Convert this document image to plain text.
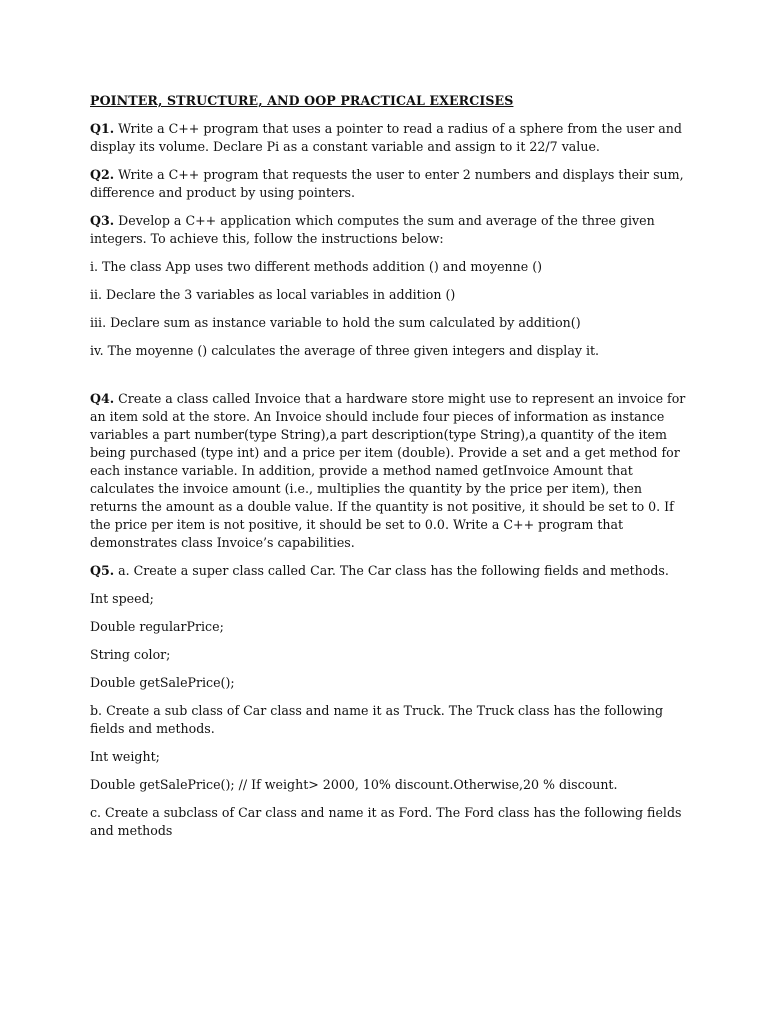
POINTER, STRUCTURE, AND OOP PRACTICAL EXERCISES

Q1. Write a C++ program that uses a pointer to read a radius of a sphere from the user and display its volume. Declare Pi as a constant variable and assign to it 22/7 value.

Q2. Write a C++ program that requests the user to enter 2 numbers and displays their sum, difference and product by using pointers.

Q3. Develop a C++ application which computes the sum and average of the three given integers. To achieve this, follow the instructions below:

i. The class App uses two different methods addition () and moyenne ()

ii. Declare the 3 variables as local variables in addition ()

iii. Declare sum as instance variable to hold the sum calculated by addition()

iv. The moyenne () calculates the average of three given integers and display it.

Q4. Create a class called Invoice that a hardware store might use to represent an invoice for an item sold at the store. An Invoice should include four pieces of information as instance variables a part number(type String),a part description(type String),a quantity of the item being purchased (type int) and a price per item (double). Provide a set and a get method for each instance variable. In addition, provide a method named getInvoice Amount that calculates the invoice amount (i.e., multiplies the quantity by the price per item), then returns the amount as a double value. If the quantity is not positive, it should be set to 0. If the price per item is not positive, it should be set to 0.0. Write a C++ program that demonstrates class Invoice’s capabilities.

Q5. a. Create a super class called Car. The Car class has the following fields and methods.

Int speed;

Double regularPrice;

String color;

Double getSalePrice();

b. Create a sub class of Car class and name it as Truck. The Truck class has the following fields and methods.

Int weight;

Double getSalePrice(); // If weight> 2000, 10% discount.Otherwise,20 % discount.

c. Create a subclass of Car class and name it as Ford. The Ford class has the following fields and methods
